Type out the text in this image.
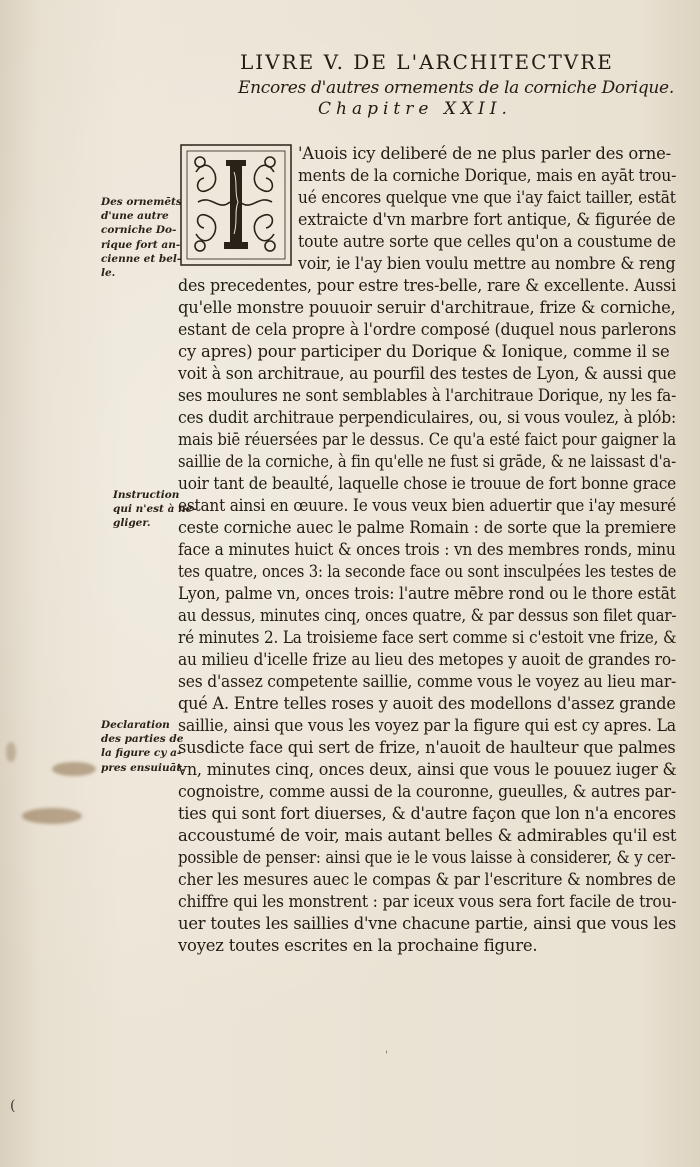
LIVRE V. DE L'ARCHITECTVRE
Encores d'autres ornements de la corniche Dorique.
Chapitre XXII.
'Auois icy deliberé de ne plus parler des orne-
ments de la corniche Dorique, mais en ayāt trou-
ué encores quelque vne que i'ay faict tailler, estāt
extraicte d'vn marbre fort antique, & figurée de
toute autre sorte que celles qu'on a coustume de
voir, ie l'ay bien voulu mettre au nombre & reng
des precedentes, pour estre tres-belle, rare & excellente. Aussi
qu'elle monstre pouuoir seruir d'architraue, frize & corniche,
estant de cela propre à l'ordre composé (duquel nous parlerons
cy apres) pour participer du Dorique & Ionique, comme il se
voit à son architraue, au pourfil des testes de Lyon, & aussi que
ses moulures ne sont semblables à l'architraue Dorique, ny les fa-
ces dudit architraue perpendiculaires, ou, si vous voulez, à plób:
mais biē réuersées par le dessus. Ce qu'a esté faict pour gaigner la
saillie de la corniche, à fin qu'elle ne fust si grāde, & ne laissast d'a-
uoir tant de beaulté, laquelle chose ie trouue de fort bonne grace
estant ainsi en œuure. Ie vous veux bien aduertir que i'ay mesuré
ceste corniche auec le palme Romain : de sorte que la premiere
face a minutes huict & onces trois : vn des membres ronds, minu
tes quatre, onces 3: la seconde face ou sont insculpées les testes de
Lyon, palme vn, onces trois: l'autre mēbre rond ou le thore estāt
au dessus, minutes cinq, onces quatre, & par dessus son filet quar-
ré minutes 2. La troisieme face sert comme si c'estoit vne frize, &
au milieu d'icelle frize au lieu des metopes y auoit de grandes ro-
ses d'assez competente saillie, comme vous le voyez au lieu mar-
qué A. Entre telles roses y auoit des modellons d'assez grande
saillie, ainsi que vous les voyez par la figure qui est cy apres. La
susdicte face qui sert de frize, n'auoit de haulteur que palmes
vn, minutes cinq, onces deux, ainsi que vous le pouuez iuger &
cognoistre, comme aussi de la couronne, gueulles, & autres par-
ties qui sont fort diuerses, & d'autre façon que lon n'a encores
accoustumé de voir, mais autant belles & admirables qu'il est
possible de penser: ainsi que ie le vous laisse à considerer, & y cer-
cher les mesures auec le compas & par l'escriture & nombres de
chiffre qui les monstrent : par iceux vous sera fort facile de trou-
uer toutes les saillies d'vne chacune partie, ainsi que vous les
voyez toutes escrites en la prochaine figure.
Des ornemēts
d'une autre
corniche Do-
rique fort an-
cienne et bel-
le.
Instruction
qui n'est à ne-
gliger.
Declaration
des parties de
la figure cy a-
pres ensuiuāt.
'
(
